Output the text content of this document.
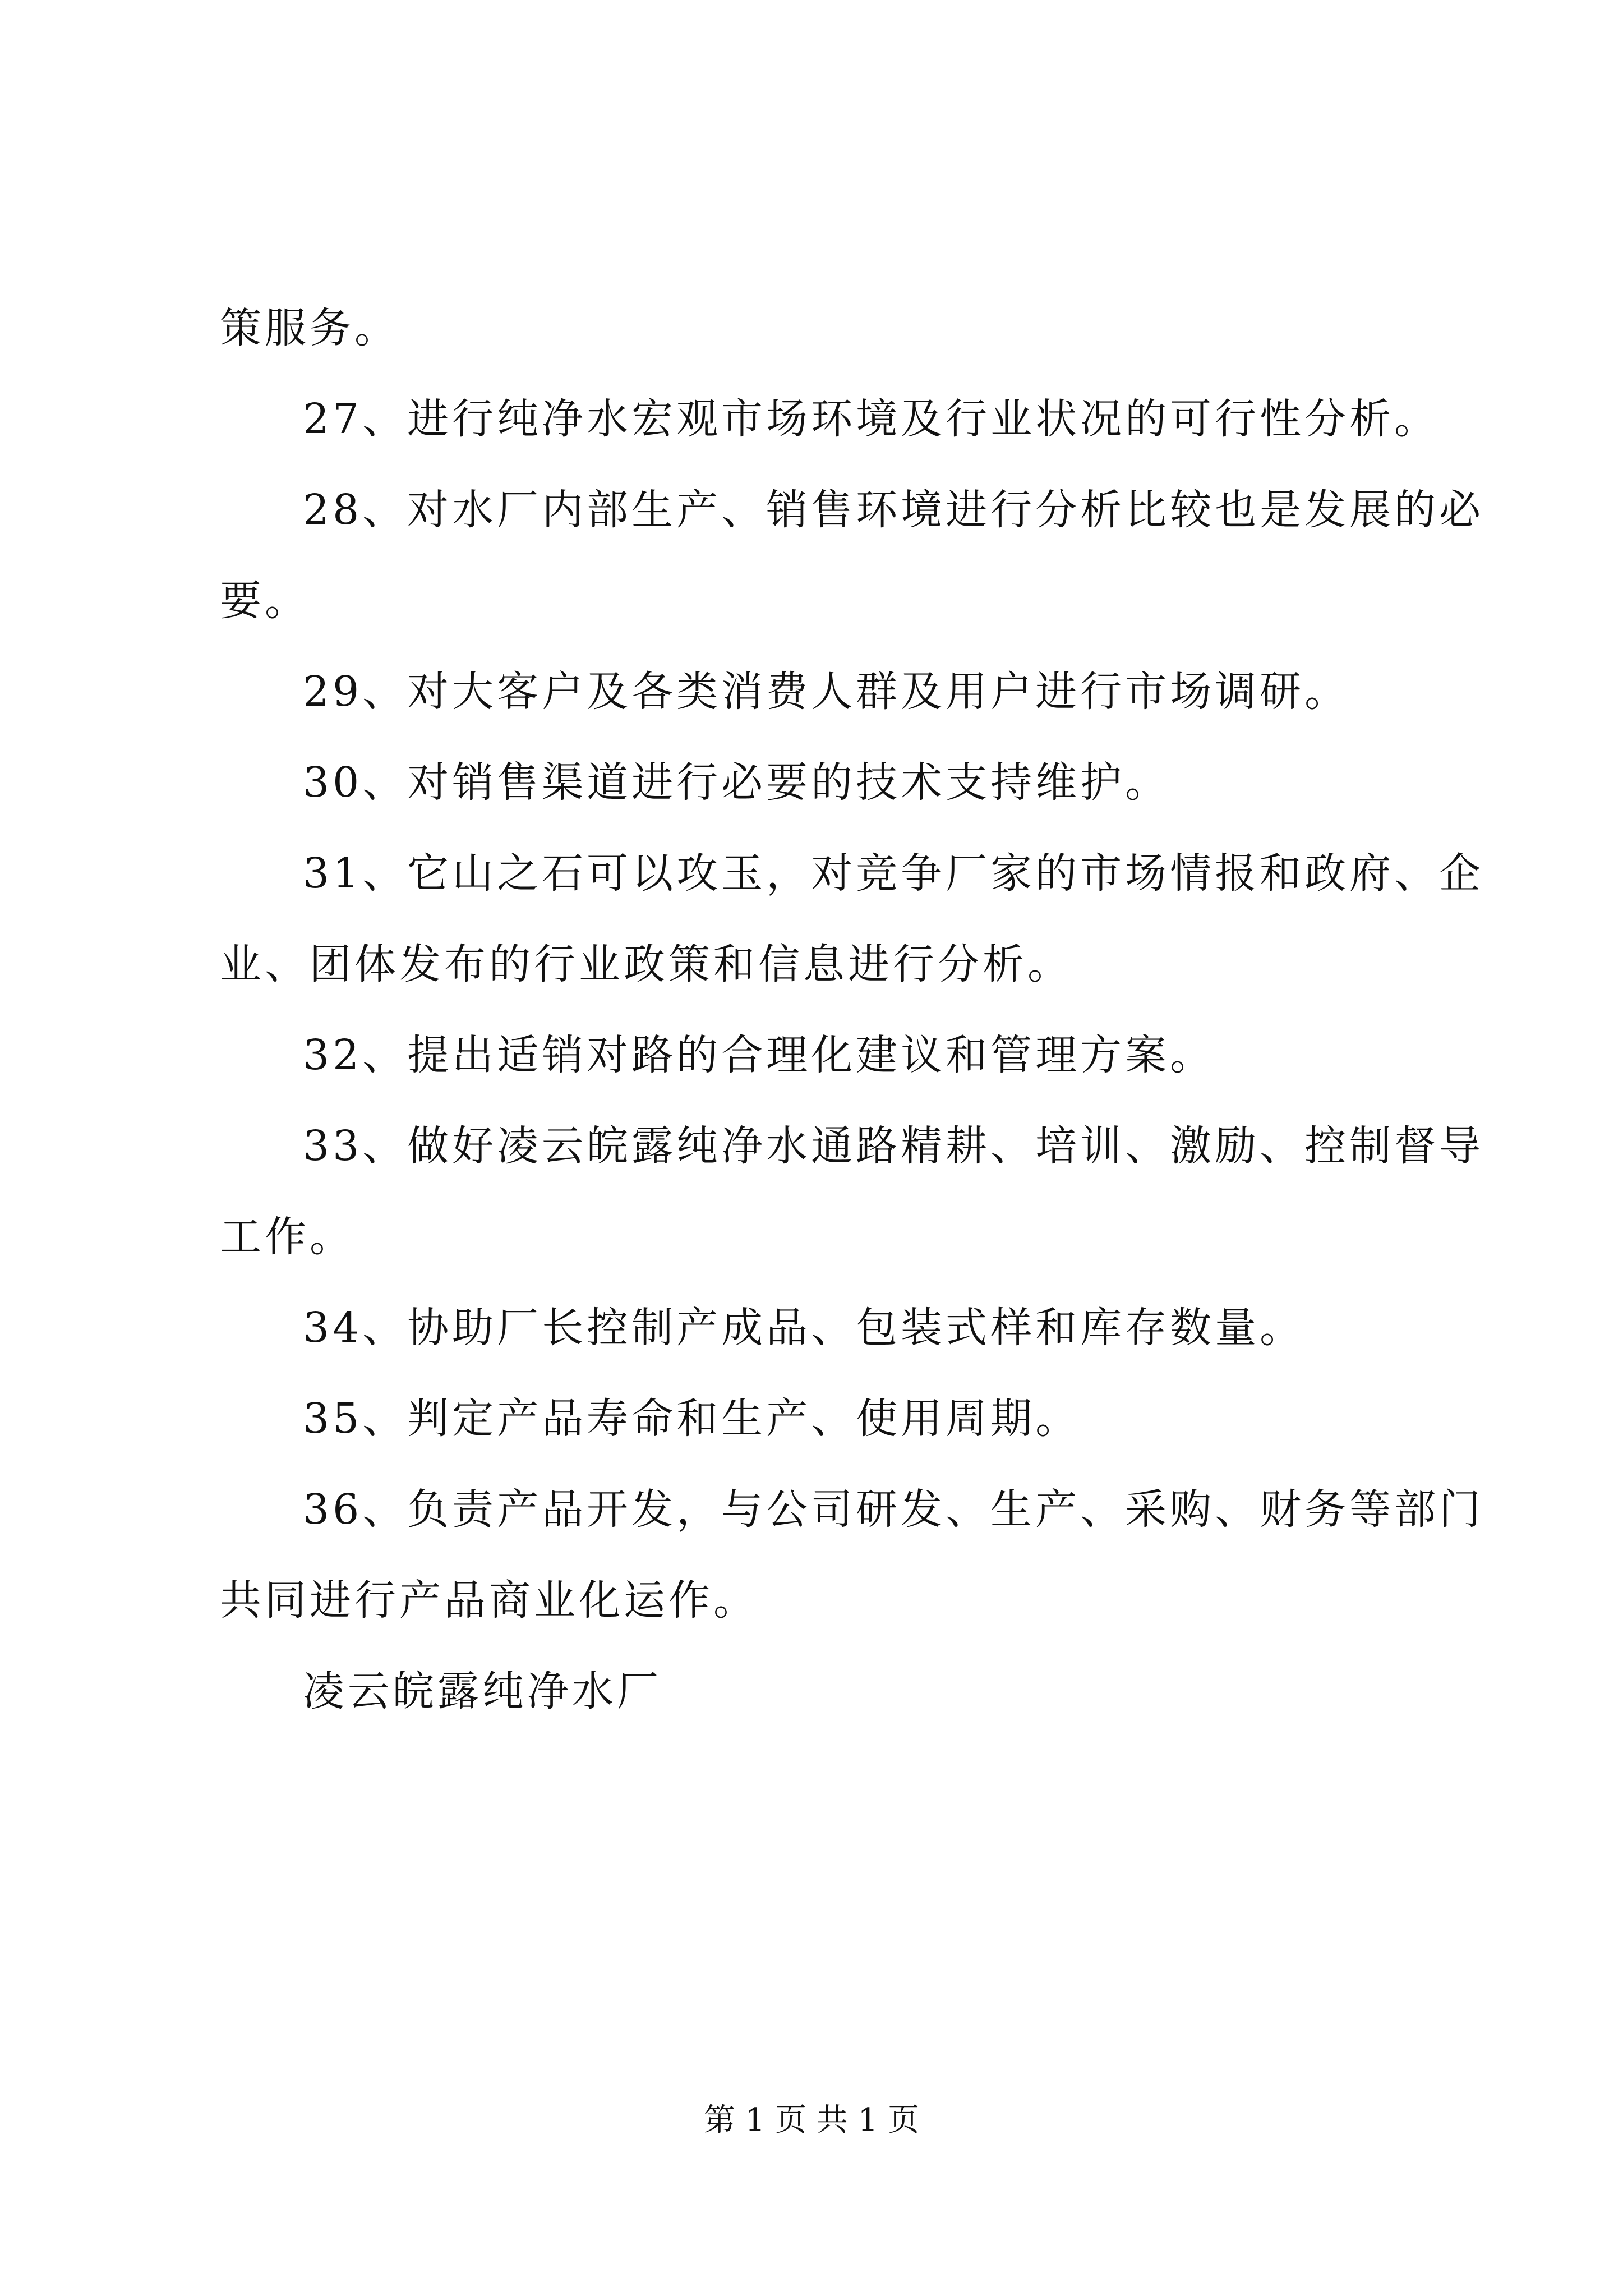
策服务。
27、进行纯净水宏观市场环境及行业状况的可行性分析。
28、对水厂内部生产、销售环境进行分析比较也是发展的必
要。
29、对大客户及各类消费人群及用户进行市场调研。
30、对销售渠道进行必要的技术支持维护。
31、它山之石可以攻玉，对竞争厂家的市场情报和政府、企
业、团体发布的行业政策和信息进行分析。
32、提出适销对路的合理化建议和管理方案。
33、做好凌云皖露纯净水通路精耕、培训、激励、控制督导
工作。
34、协助厂长控制产成品、包装式样和库存数量。
35、判定产品寿命和生产、使用周期。
36、负责产品开发，与公司研发、生产、采购、财务等部门
共同进行产品商业化运作。
凌云皖露纯净水厂
第 1 页 共 1 页
